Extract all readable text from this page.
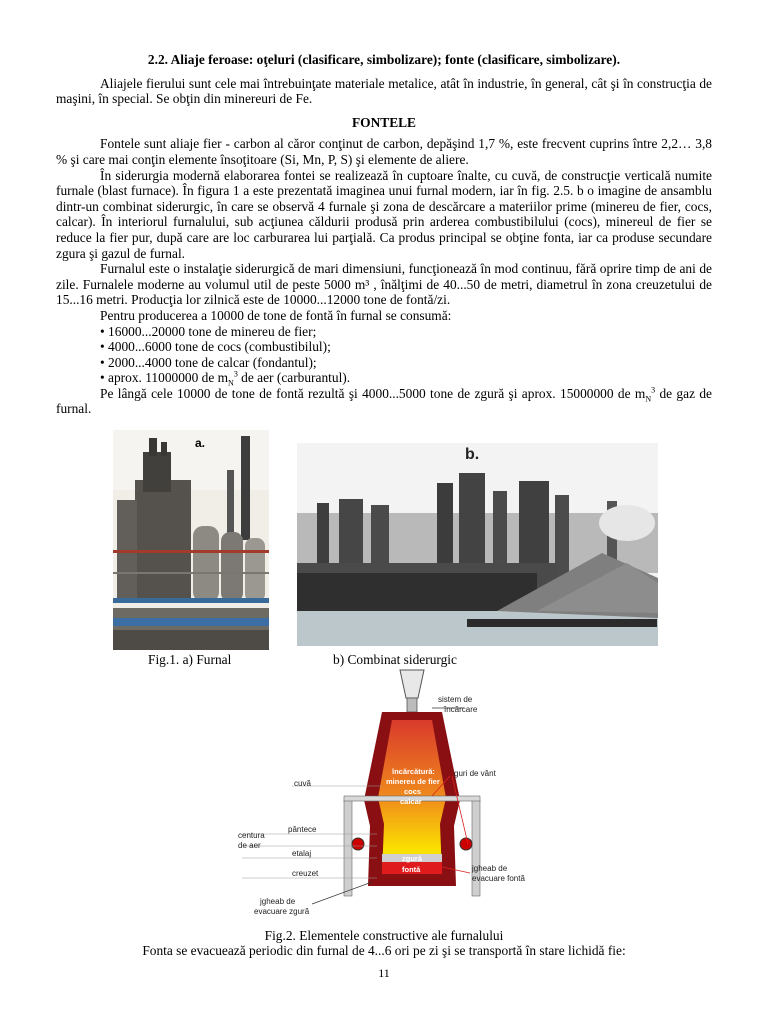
2.2. Aliaje feroase: oţeluri (clasificare, simbolizare); fonte (clasificare, simbolizare).

Aliajele fierului sunt cele mai întrebuinţate materiale metalice, atât în industrie, în general, cât şi în construcţia de maşini, în special. Se obţin din minereuri de Fe.

FONTELE

Fontele sunt aliaje fier - carbon al căror conţinut de carbon, depăşind 1,7 %, este frecvent cuprins între 2,2… 3,8 % şi care mai conţin elemente însoţitoare (Si, Mn, P, S) şi elemente de aliere.

În siderurgia modernă elaborarea fontei se realizează în cuptoare înalte, cu cuvă, de construcţie verticală numite furnale (blast furnace). În figura 1 a este prezentată imaginea unui furnal modern, iar în fig. 2.5. b o imagine de ansamblu dintr-un combinat siderurgic, în care se observă 4 furnale şi zona de descărcare a materiilor prime (minereu de fier, cocs, calcar). În interiorul furnalului, sub acţiunea căldurii produsă prin arderea combustibilului (cocs), minereul de fier se reduce la fier pur, după care are loc carburarea lui parţială. Ca produs principal se obţine fonta, iar ca produse secundare zgura şi gazul de furnal.

Furnalul este o instalaţie siderurgică de mari dimensiuni, funcţionează în mod continuu, fără oprire timp de ani de zile. Furnalele moderne au volumul util de peste 5000 m³ , înălţimi de 40...50 de metri, diametrul în zona creuzetului de 15...16 metri. Producţia lor zilnică este de 10000...12000 tone de fontă/zi.

Pentru producerea a 10000 de tone de fontă în furnal se consumă:

• 16000...20000 tone de minereu de fier;
• 4000...6000 tone de cocs (combustibilul);
• 2000...4000 tone de calcar (fondantul);
• aprox. 11000000 de $m_N^3$ de aer (carburantul).

Pe lângă cele 10000 de tone de fontă rezultă şi 4000...5000 tone de zgură şi aprox. 15000000 de $m_N^3$ de gaz de furnal.

a.
b.
Fig.1. a) Furnal	b) Combinat siderurgic
sistem de
încărcare
cuvă
pântece
centura
de aer
etalaj
creuzet
jgheab de
evacuare zgură
încărcătură:
minereu de fier
cocs
calcar
guri de vânt
zgură
fontă	jgheab de
evacuare fontă
Fig.2. Elementele constructive ale furnalului
Fonta se evacuează periodic din furnal de 4...6 ori pe zi şi se transportă în stare lichidă fie:
11
